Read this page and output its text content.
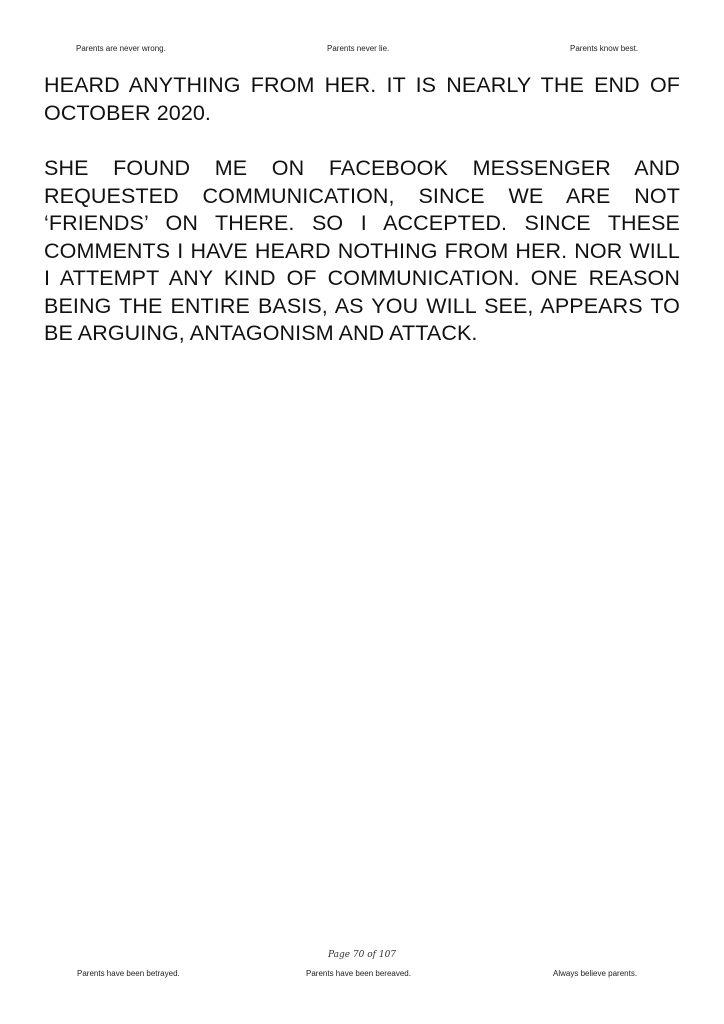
Parents are never wrong.	Parents never lie.	Parents know best.

HEARD ANYTHING FROM HER. IT IS NEARLY THE END OF OCTOBER 2020.

SHE FOUND ME ON FACEBOOK MESSENGER AND REQUESTED COMMUNICATION, SINCE WE ARE NOT ‘FRIENDS’ ON THERE. SO I ACCEPTED. SINCE THESE COMMENTS I HAVE HEARD NOTHING FROM HER. NOR WILL I ATTEMPT ANY KIND OF COMMUNICATION. ONE REASON BEING THE ENTIRE BASIS, AS YOU WILL SEE, APPEARS TO BE ARGUING, ANTAGONISM AND ATTACK.

Page 70 of 107
Parents have been betrayed.	Parents have been bereaved.	Always believe parents.
